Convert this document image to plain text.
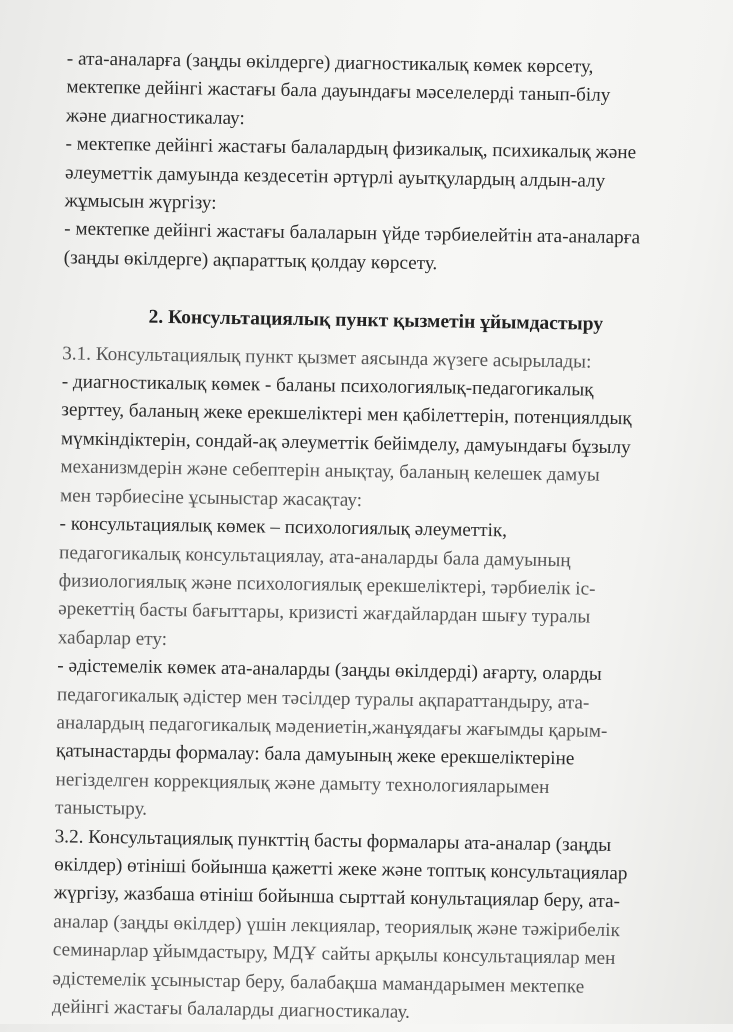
- ата-аналарға (заңды өкілдерге) диагностикалық көмек көрсету,
мектепке дейінгі жастағы бала дауындағы мәселелерді танып-білу
және диагностикалау:
- мектепке дейінгі жастағы балалардың физикалық, психикалық және
әлеуметтік дамуында кездесетін әртүрлі ауытқулардың алдын-алу
жұмысын жүргізу:
- мектепке дейінгі жастағы балаларын үйде тәрбиелейтін ата-аналарға
(заңды өкілдерге) ақпараттық қолдау көрсету.
2. Консультациялық пункт қызметін ұйымдастыру
3.1. Консультациялық пункт қызмет аясында жүзеге асырылады:
- диагностикалық көмек - баланы психологиялық-педагогикалық
зерттеу, баланың жеке ерекшеліктері мен қабілеттерін, потенциялдық
мүмкіндіктерін, сондай-ақ әлеуметтік бейімделу, дамуындағы бұзылу
механизмдерін және себептерін анықтау, баланың келешек дамуы
мен тәрбиесіне ұсыныстар жасақтау:
- консультациялық көмек – психологиялық әлеуметтік,
педагогикалық консультациялау, ата-аналарды бала дамуының
физиологиялық және психологиялық ерекшеліктері, тәрбиелік іс-
әрекеттің басты бағыттары, кризисті жағдайлардан шығу туралы
хабарлар ету:
- әдістемелік көмек ата-аналарды (заңды өкілдерді) ағарту, оларды
педагогикалық әдістер мен тәсілдер туралы ақпараттандыру, ата-
аналардың педагогикалық мәдениетін,жанұядағы жағымды қарым-
қатынастарды формалау: бала дамуының жеке ерекшеліктеріне
негізделген коррекциялық және дамыту технологияларымен
таныстыру.
3.2. Консультациялық пункттің басты формалары ата-аналар (заңды
өкілдер) өтініші бойынша қажетті жеке және топтық консультациялар
жүргізу, жазбаша өтініш бойынша сырттай конультациялар беру, ата-
аналар (заңды өкілдер) үшін лекциялар, теориялық және тәжірибелік
семинарлар ұйымдастыру, МДҰ сайты арқылы консультациялар мен
әдістемелік ұсыныстар беру, балабақша мамандарымен мектепке
дейінгі жастағы балаларды диагностикалау.
